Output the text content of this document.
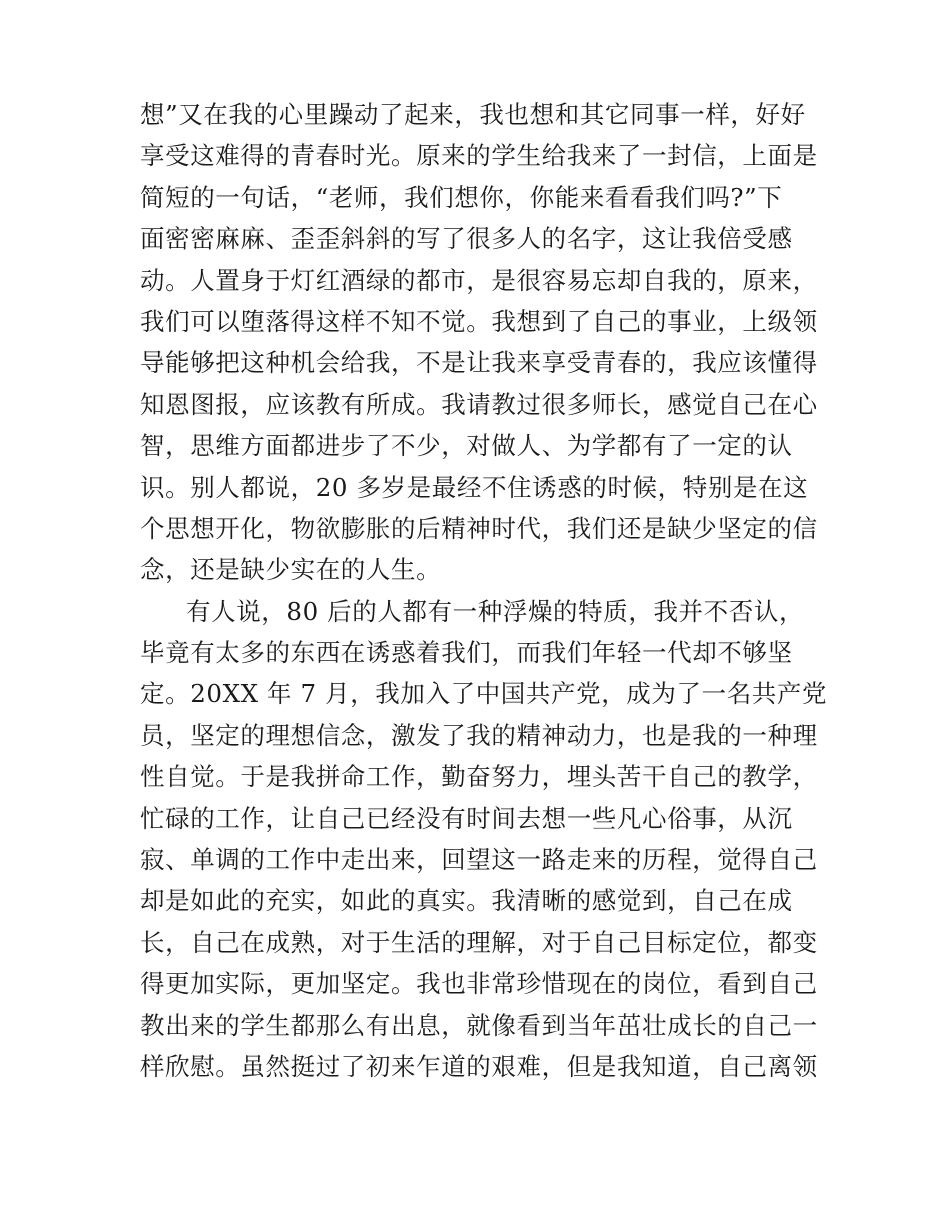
想”又在我的心里躁动了起来，我也想和其它同事一样，好好
享受这难得的青春时光。原来的学生给我来了一封信，上面是
简短的一句话，“老师，我们想你，你能来看看我们吗?”下
面密密麻麻、歪歪斜斜的写了很多人的名字，这让我倍受感
动。人置身于灯红酒绿的都市，是很容易忘却自我的，原来，
我们可以堕落得这样不知不觉。我想到了自己的事业，上级领
导能够把这种机会给我，不是让我来享受青春的，我应该懂得
知恩图报，应该教有所成。我请教过很多师长，感觉自己在心
智，思维方面都进步了不少，对做人、为学都有了一定的认
识。别人都说，20 多岁是最经不住诱惑的时候，特别是在这
个思想开化，物欲膨胀的后精神时代，我们还是缺少坚定的信
念，还是缺少实在的人生。
有人说，80 后的人都有一种浮燥的特质，我并不否认，
毕竟有太多的东西在诱惑着我们，而我们年轻一代却不够坚
定。20XX 年 7 月，我加入了中国共产党，成为了一名共产党
员，坚定的理想信念，激发了我的精神动力，也是我的一种理
性自觉。于是我拼命工作，勤奋努力，埋头苦干自己的教学，
忙碌的工作，让自己已经没有时间去想一些凡心俗事，从沉
寂、单调的工作中走出来，回望这一路走来的历程，觉得自己
却是如此的充实，如此的真实。我清晰的感觉到，自己在成
长，自己在成熟，对于生活的理解，对于自己目标定位，都变
得更加实际，更加坚定。我也非常珍惜现在的岗位，看到自己
教出来的学生都那么有出息，就像看到当年茁壮成长的自己一
样欣慰。虽然挺过了初来乍道的艰难，但是我知道，自己离领
